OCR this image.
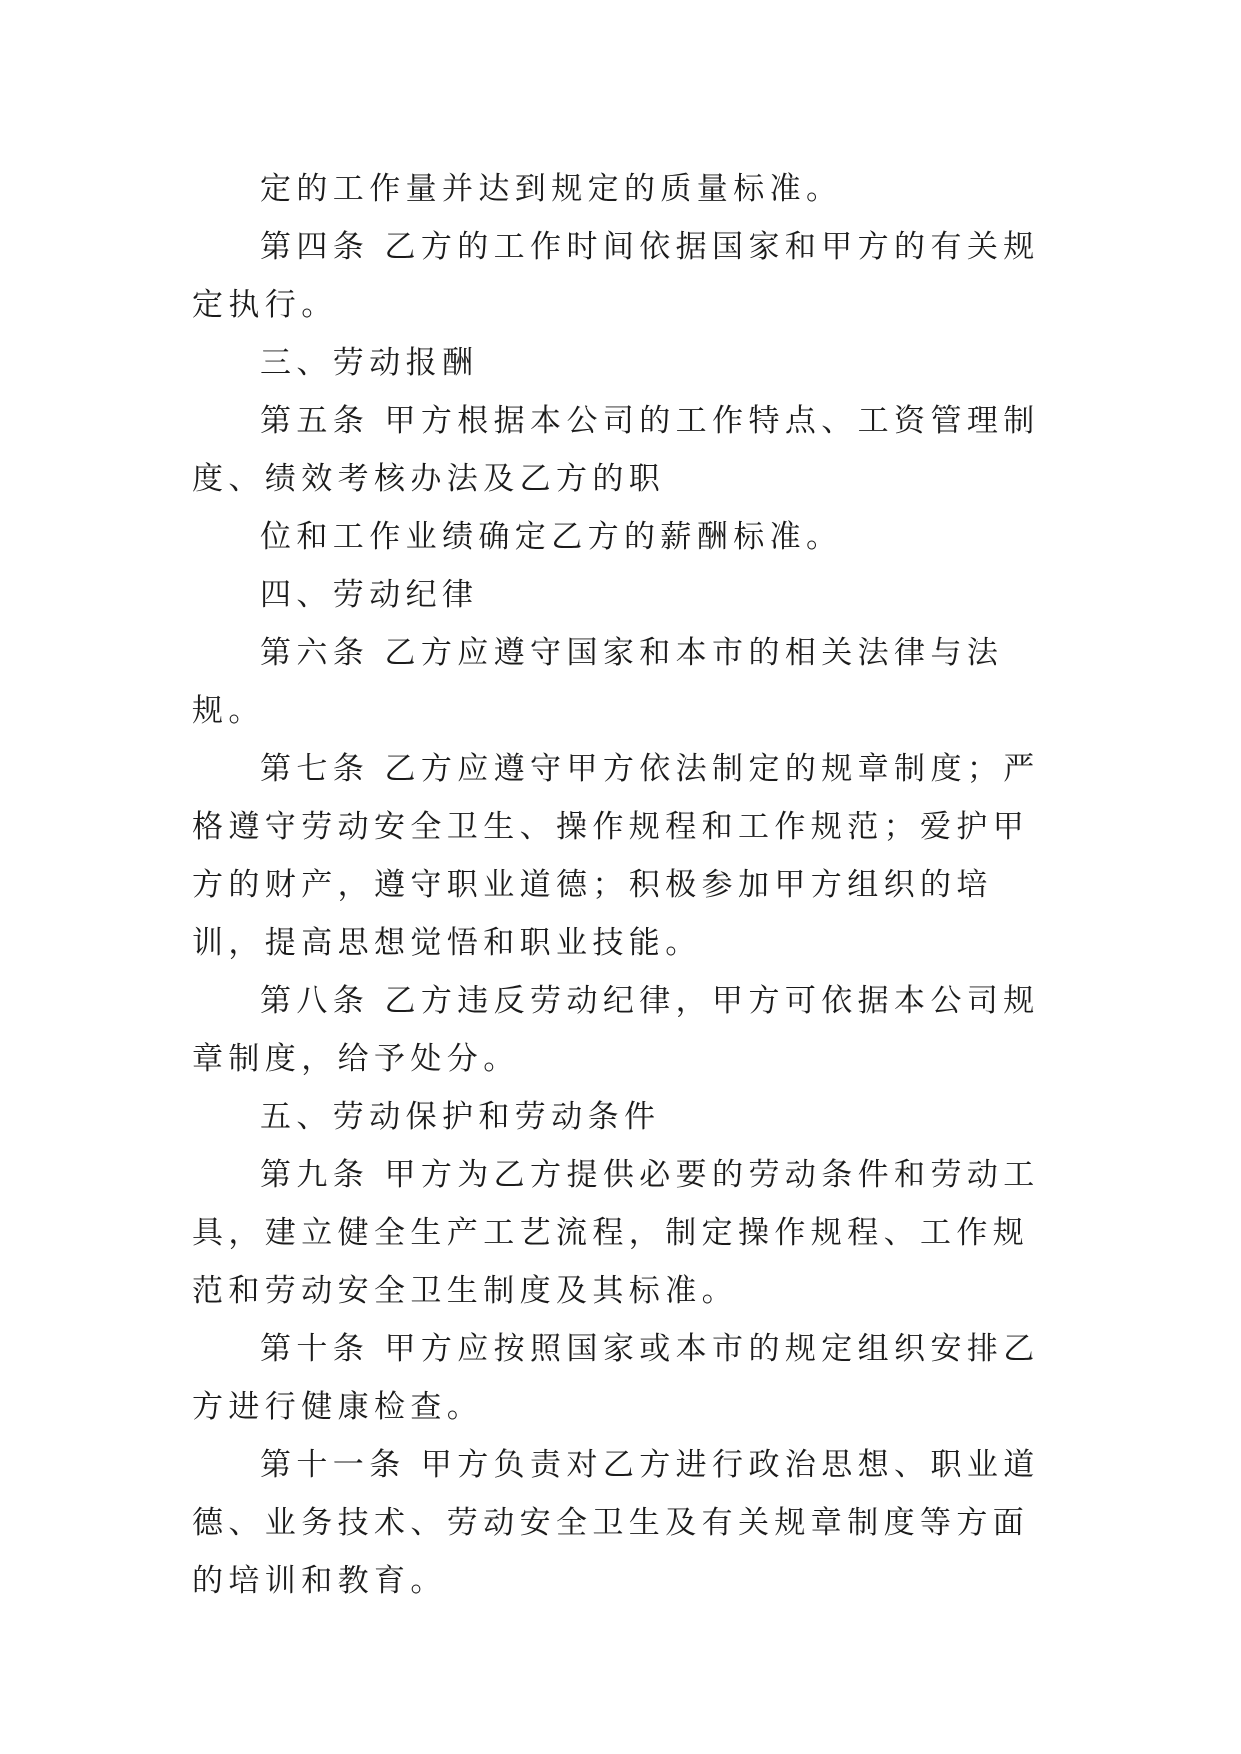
定的工作量并达到规定的质量标准。

第四条 乙方的工作时间依据国家和甲方的有关规定执行。

三、劳动报酬

第五条 甲方根据本公司的工作特点、工资管理制度、绩效考核办法及乙方的职

位和工作业绩确定乙方的薪酬标准。

四、劳动纪律

第六条 乙方应遵守国家和本市的相关法律与法规。

第七条 乙方应遵守甲方依法制定的规章制度；严格遵守劳动安全卫生、操作规程和工作规范；爱护甲方的财产，遵守职业道德；积极参加甲方组织的培训，提高思想觉悟和职业技能。

第八条 乙方违反劳动纪律，甲方可依据本公司规章制度，给予处分。

五、劳动保护和劳动条件

第九条 甲方为乙方提供必要的劳动条件和劳动工具，建立健全生产工艺流程，制定操作规程、工作规范和劳动安全卫生制度及其标准。

第十条 甲方应按照国家或本市的规定组织安排乙方进行健康检查。

第十一条 甲方负责对乙方进行政治思想、职业道德、业务技术、劳动安全卫生及有关规章制度等方面的培训和教育。
